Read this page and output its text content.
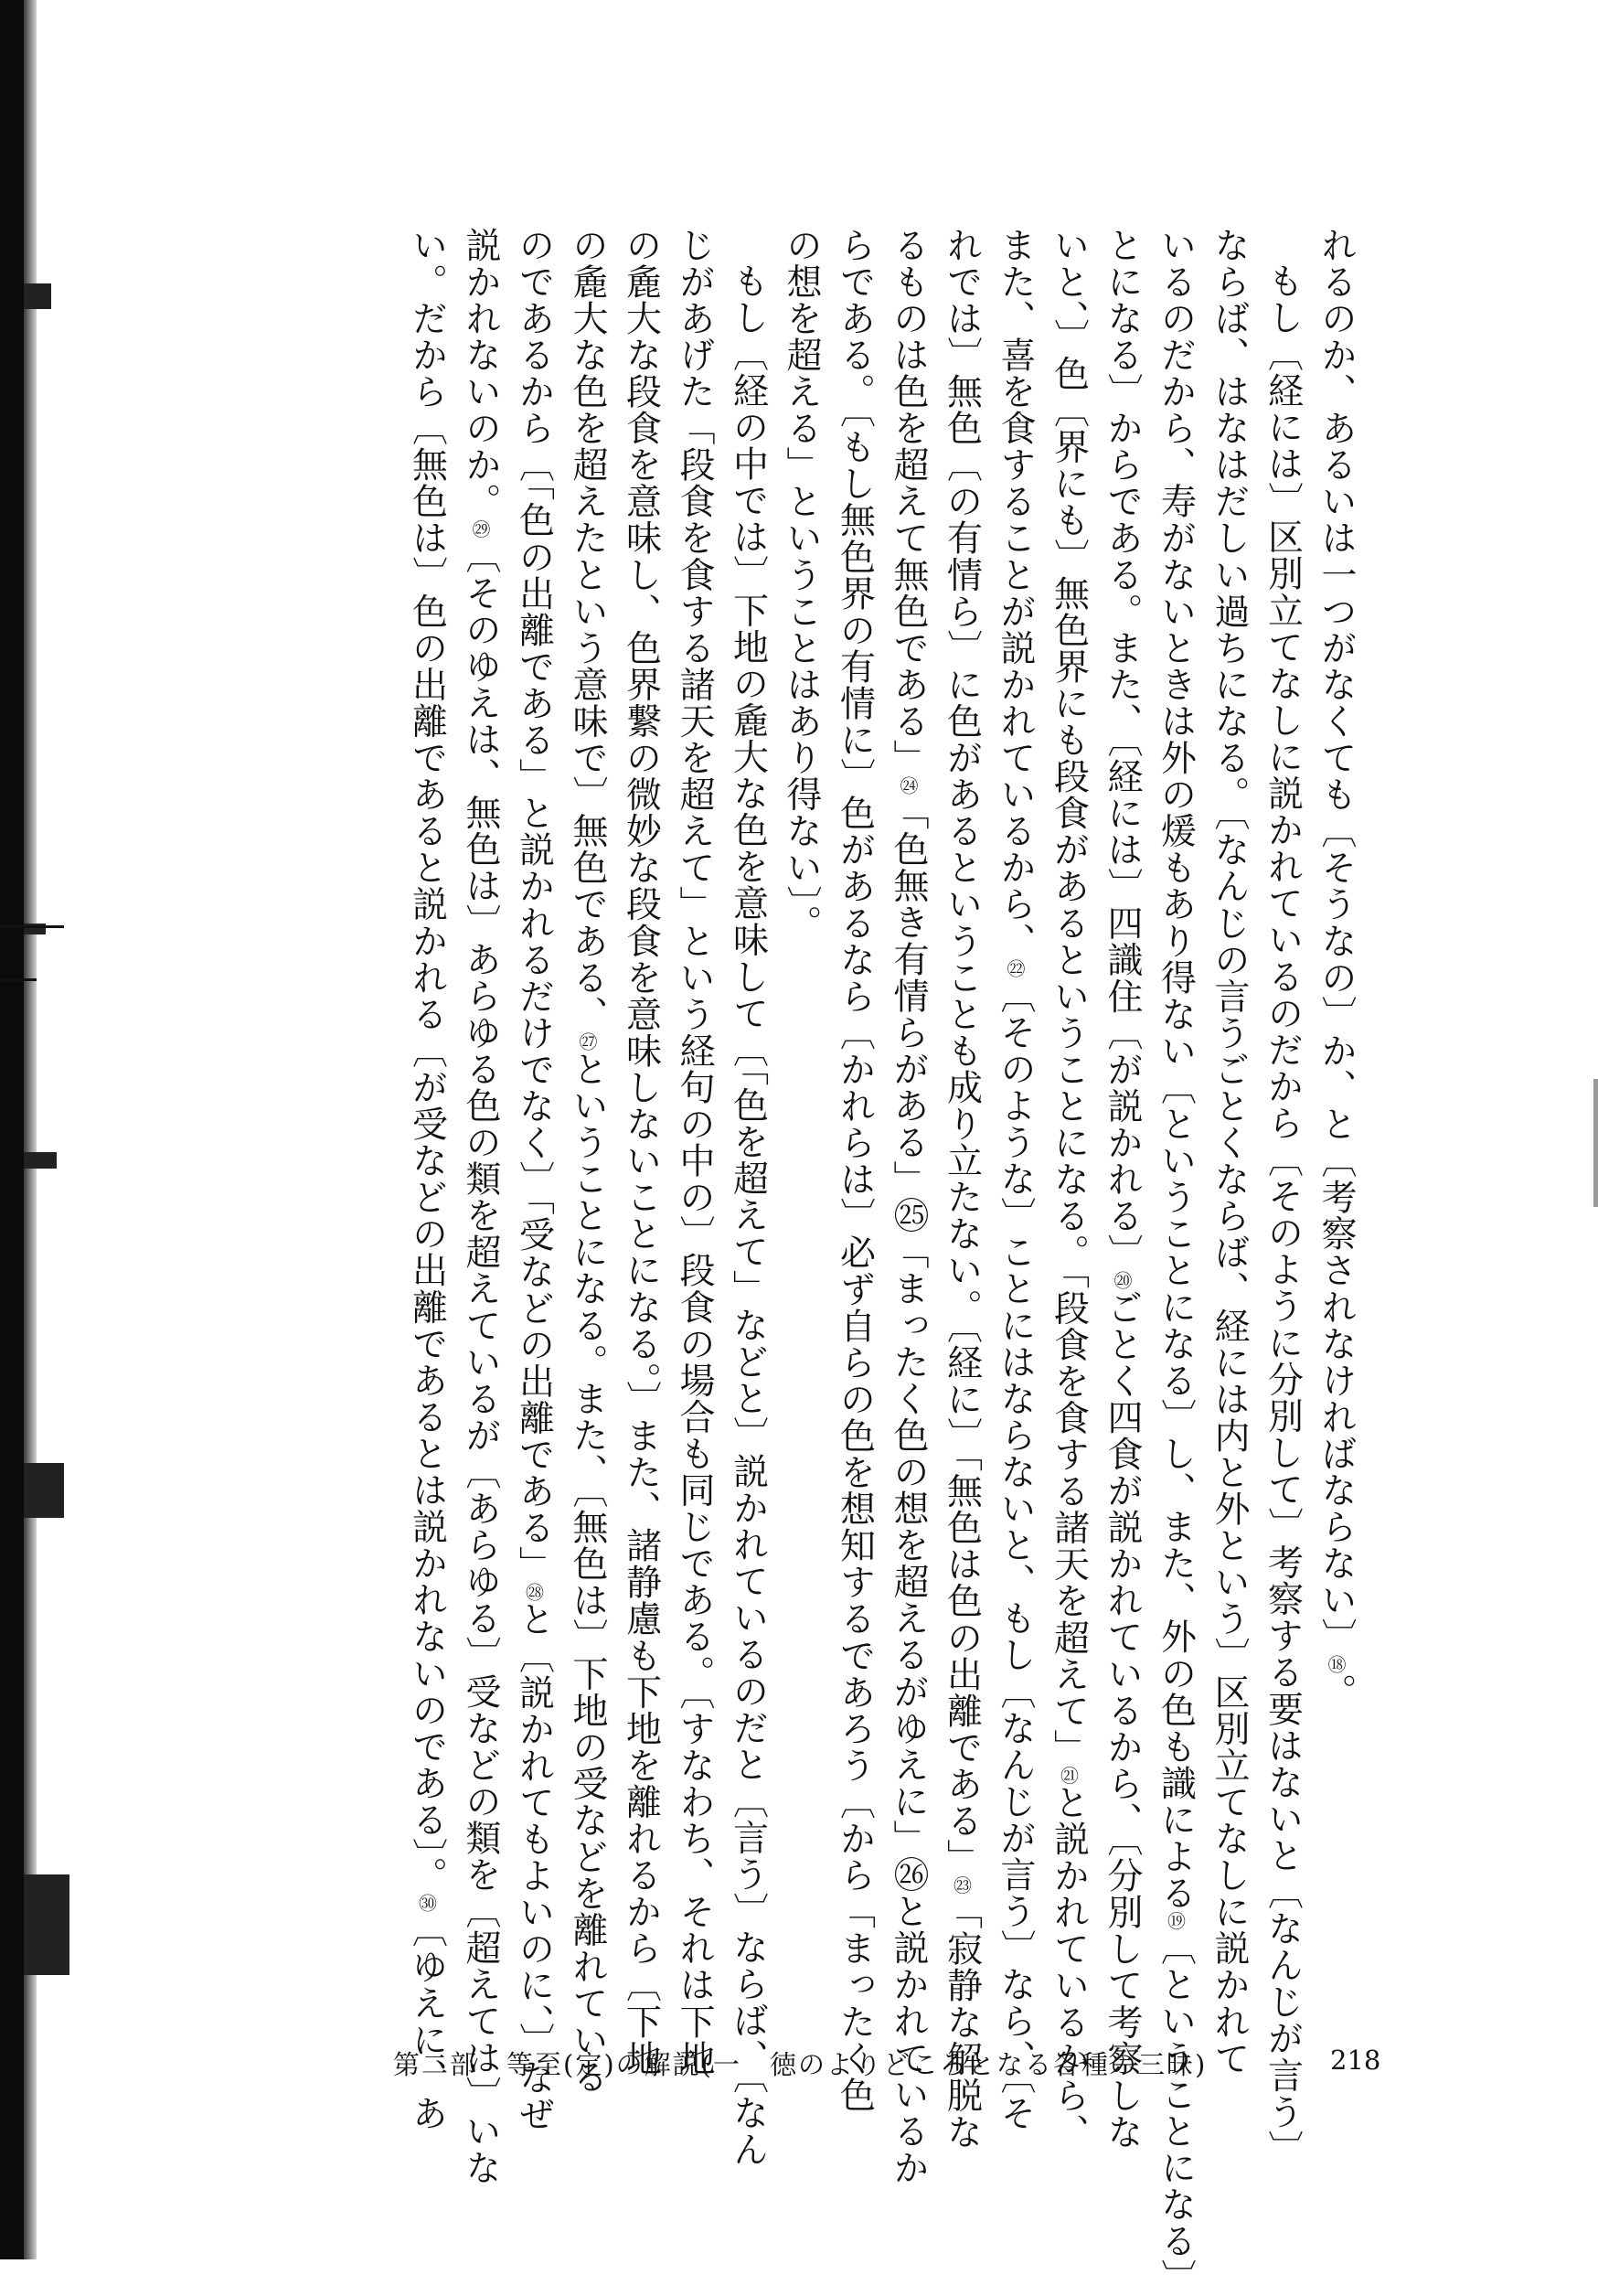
れるのか、あるいは一つがなくても〔そうなの〕か、と〔考察されなければならない〕⑱。
もし〔経には〕区別立てなしに説かれているのだから〔そのように分別して〕考察する要はないと〔なんじが言う〕
ならば、はなはだしい過ちになる。〔なんじの言うごとくならば、経には内と外という〕区別立てなしに説かれて
いるのだから、寿がないときは外の煖もあり得ない〔ということになる〕し、また、外の色も識による⑲〔ということになる〕
とになる〕からである。また、〔経には〕四識住〔が説かれる〕⑳ごとく四食が説かれているから、〔分別して考察しな
いと、〕色〔界にも〕無色界にも段食があるということになる。「段食を食する諸天を超えて」$^㉑$と説かれているから、
また、喜を食することが説かれているから、$^㉒$〔そのような〕ことにはならないと、もし〔なんじが言う〕なら、〔そ
れでは〕無色〔の有情ら〕に色があるということも成り立たない。〔経に〕「無色は色の出離である」$^㉓$「寂静な解脱な
るものは色を超えて無色である」$^㉔$「色無き有情らがある」㉕「まったく色の想を超えるがゆえに」㉖と説かれているか
らである。〔もし無色界の有情に〕色があるなら〔かれらは〕必ず自らの色を想知するであろう〔から「まったく色
の想を超える」ということはあり得ない〕。
もし〔経の中では〕下地の麁大な色を意味して〔「色を超えて」などと〕説かれているのだと〔言う〕ならば、〔なん
じがあげた「段食を食する諸天を超えて」という経句の中の〕段食の場合も同じである。〔すなわち、それは下地
の麁大な段食を意味し、色界繋の微妙な段食を意味しないことになる。〕また、諸静慮も下地を離れるから〔下地
の麁大な色を超えたという意味で〕無色である、$^㉗$ということになる。また、〔無色は〕下地の受などを離れている
のであるから〔「色の出離である」と説かれるだけでなく〕「受などの出離である」$^㉘$と〔説かれてもよいのに、〕なぜ
説かれないのか。$^㉙$〔そのゆえは、無色は〕あらゆる色の類を超えているが〔あらゆる〕受などの類を〔超えては〕いな
い。だから〔無色は〕色の出離であると説かれる〔が受などの出離であるとは説かれないのである〕。$^㉚$〔ゆえに、あ
第二部　等至(定)の解説(一　徳のよりどころとなる各種の三昧)	218
